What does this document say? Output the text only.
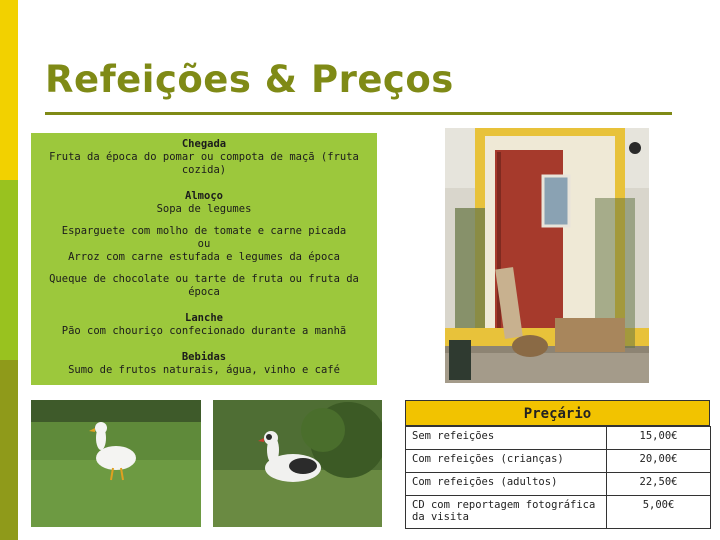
Refeições & Preços
Chegada
Fruta da época do pomar ou compota de maçã (fruta cozida)
Almoço
Sopa de legumes
Esparguete com molho de tomate e carne picada
ou
Arroz com carne estufada e legumes da época
Queque de chocolate ou tarte de fruta ou fruta da época
Lanche
Pão com chouriço confecionado durante a manhã
Bebidas
Sumo de frutos naturais, água, vinho e café
Preçário
Sem refeições	15,00€
Com refeições (crianças)	20,00€
Com refeições (adultos)	22,50€
CD com reportagem fotográfica da visita	5,00€
